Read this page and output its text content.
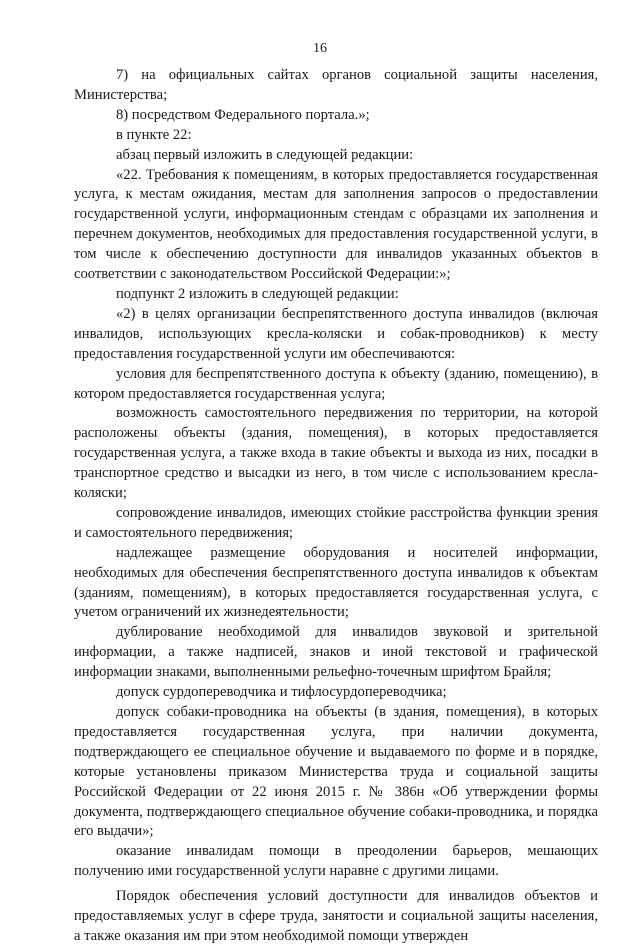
· ·
16

7) на официальных сайтах органов социальной защиты населения, Министерства;

8) посредством Федерального портала.»;

в пункте 22:

абзац первый изложить в следующей редакции:

«22. Требования к помещениям, в которых предоставляется государственная услуга, к местам ожидания, местам для заполнения запросов о предоставлении государственной услуги, информационным стендам с образцами их заполнения и перечнем документов, необходимых для предоставления государственной услуги, в том числе к обеспечению доступности для инвалидов указанных объектов в соответствии с законодательством Российской Федерации:»;

подпункт 2 изложить в следующей редакции:

«2) в целях организации беспрепятственного доступа инвалидов (включая инвалидов, использующих кресла-коляски и собак-проводников) к месту предоставления государственной услуги им обеспечиваются:

условия для беспрепятственного доступа к объекту (зданию, помещению), в котором предоставляется государственная услуга;

возможность самостоятельного передвижения по территории, на которой расположены объекты (здания, помещения), в которых предоставляется государственная услуга, а также входа в такие объекты и выхода из них, посадки в транспортное средство и высадки из него, в том числе с использованием кресла-коляски;

сопровождение инвалидов, имеющих стойкие расстройства функции зрения и самостоятельного передвижения;

надлежащее размещение оборудования и носителей информации, необходимых для обеспечения беспрепятственного доступа инвалидов к объектам (зданиям, помещениям), в которых предоставляется государственная услуга, с учетом ограничений их жизнедеятельности;

дублирование необходимой для инвалидов звуковой и зрительной информации, а также надписей, знаков и иной текстовой и графической информации знаками, выполненными рельефно-точечным шрифтом Брайля;

допуск сурдопереводчика и тифлосурдопереводчика;

допуск собаки-проводника на объекты (в здания, помещения), в которых предоставляется государственная услуга, при наличии документа, подтверждающего ее специальное обучение и выдаваемого по форме и в порядке, которые установлены приказом Министерства труда и социальной защиты Российской Федерации от 22 июня 2015 г. № 386н «Об утверждении формы документа, подтверждающего специальное обучение собаки-проводника, и порядка его выдачи»;

оказание инвалидам помощи в преодолении барьеров, мешающих получению ими государственной услуги наравне с другими лицами.

Порядок обеспечения условий доступности для инвалидов объектов и предоставляемых услуг в сфере труда, занятости и социальной защиты населения, а также оказания им при этом необходимой помощи утвержден
